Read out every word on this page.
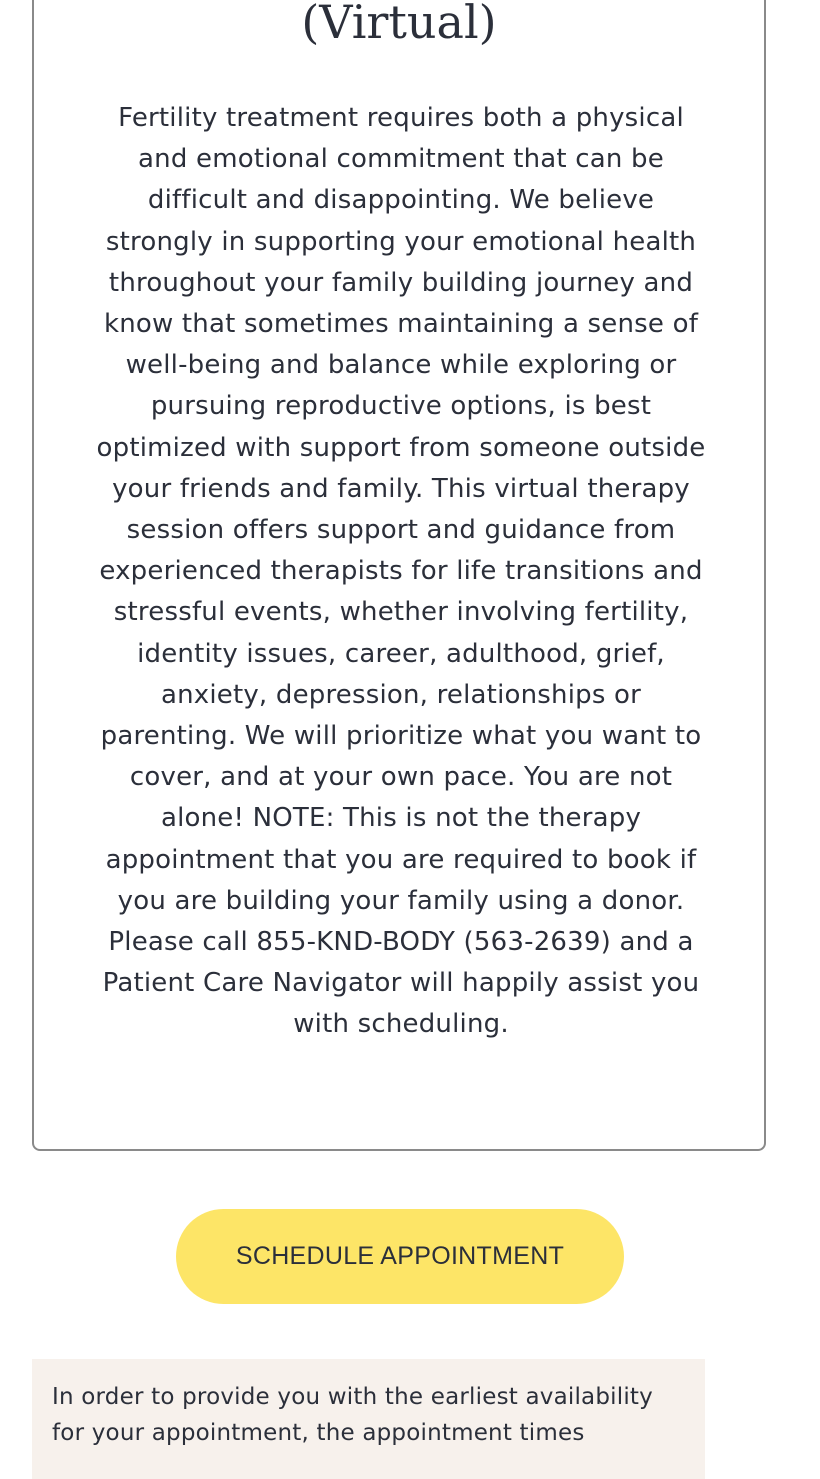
(Virtual)

Fertility treatment requires both a physical and emotional commitment that can be difficult and disappointing. We believe strongly in supporting your emotional health throughout your family building journey and know that sometimes maintaining a sense of well-being and balance while exploring or pursuing reproductive options, is best optimized with support from someone outside your friends and family. This virtual therapy session offers support and guidance from experienced therapists for life transitions and stressful events, whether involving fertility, identity issues, career, adulthood, grief, anxiety, depression, relationships or parenting. We will prioritize what you want to cover, and at your own pace. You are not alone! NOTE: This is not the therapy appointment that you are required to book if you are building your family using a donor. Please call 855-KND-BODY (563-2639) and a Patient Care Navigator will happily assist you with scheduling.

SCHEDULE APPOINTMENT

In order to provide you with the earliest availability for your appointment, the appointment times
